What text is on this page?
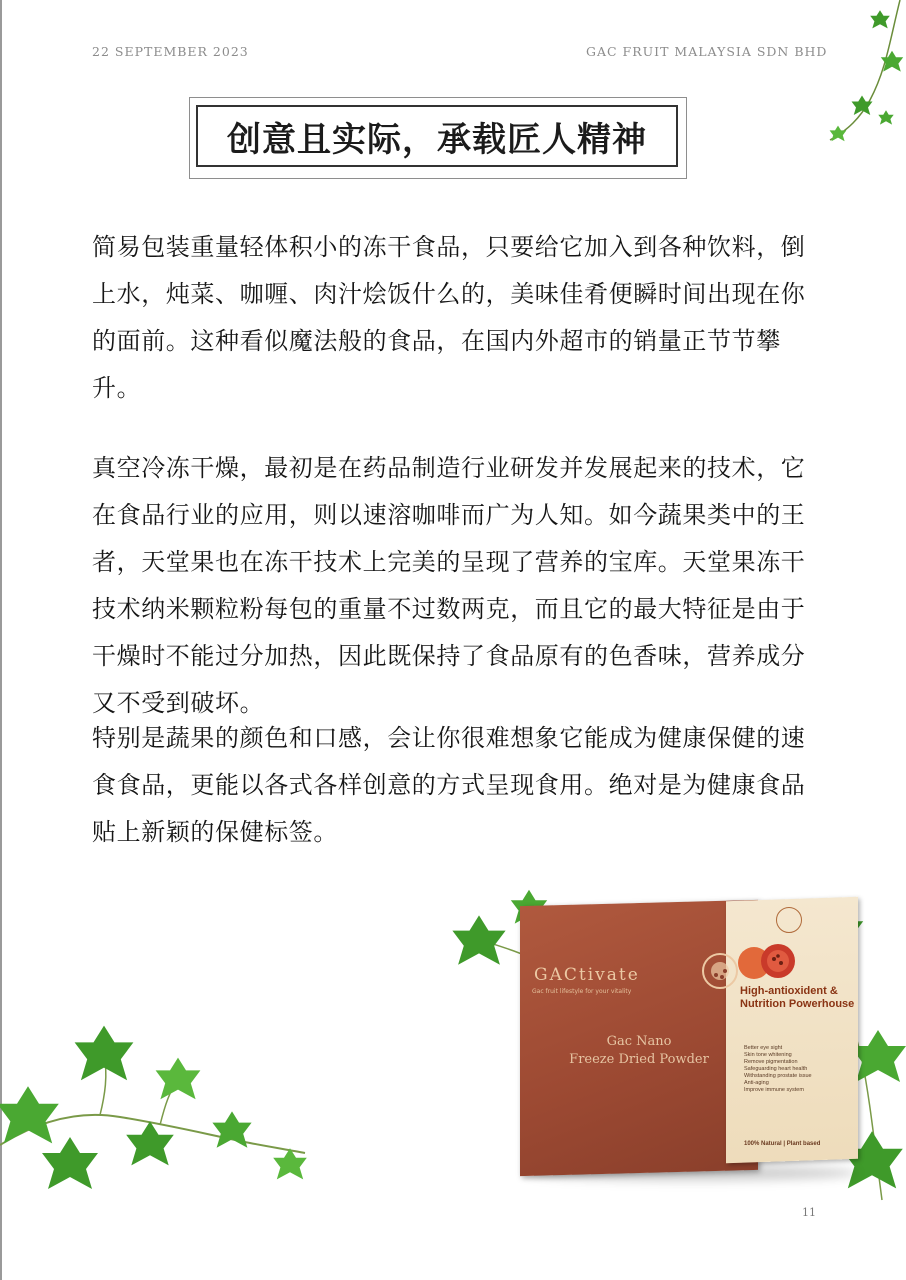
22 SEPTEMBER 2023	GAC FRUIT MALAYSIA SDN BHD
创意且实际，承载匠人精神

简易包装重量轻体积小的冻干食品，只要给它加入到各种饮料，倒上水，炖菜、咖喱、肉汁烩饭什么的，美味佳肴便瞬时间出现在你的面前。这种看似魔法般的食品，在国内外超市的销量正节节攀升。

真空冷冻干燥，最初是在药品制造行业研发并发展起来的技术，它在食品行业的应用，则以速溶咖啡而广为人知。如今蔬果类中的王者，天堂果也在冻干技术上完美的呈现了营养的宝库。天堂果冻干技术纳米颗粒粉每包的重量不过数两克，而且它的最大特征是由于干燥时不能过分加热，因此既保持了食品原有的色香味，营养成分又不受到破坏。

特别是蔬果的颜色和口感，会让你很难想象它能成为健康保健的速食食品，更能以各式各样创意的方式呈现食用。绝对是为健康食品贴上新颖的保健标签。

GACtivate
Gac fruit lifestyle for your vitality
Gac Nano
Freeze Dried Powder
High-antioxident & Nutrition Powerhouse
Better eye sight
Skin tone whitening
Remove pigmentation
Safeguarding heart health
Withstanding prostate issue
Anti-aging
Improve immune system
100% Natural | Plant based
11
